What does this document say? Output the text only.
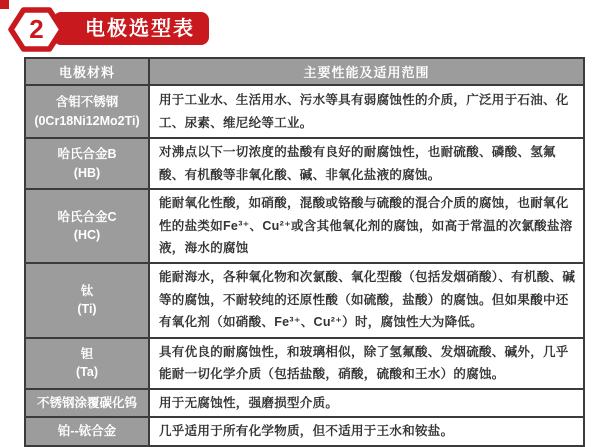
电极选型表
2
电极材料	主要性能及适用范围
含钼不锈钢
(0Cr18Ni12Mo2Ti)	用于工业水、生活用水、污水等具有弱腐蚀性的介质，广泛用于石油、化工、尿素、维尼纶等工业。
哈氏合金B
(HB)	对沸点以下一切浓度的盐酸有良好的耐腐蚀性，也耐硫酸、磷酸、氢氟酸、有机酸等非氧化酸、碱、非氧化盐液的腐蚀。
哈氏合金C
(HC)	能耐氧化性酸，如硝酸，混酸或铬酸与硫酸的混合介质的腐蚀，也耐氧化性的盐类如Fe³⁺、Cu²⁺或含其他氧化剂的腐蚀，如高于常温的次氯酸盐溶液，海水的腐蚀
钛
(Ti)	能耐海水，各种氧化物和次氯酸、氧化型酸（包括发烟硝酸）、有机酸、碱等的腐蚀，不耐较纯的还原性酸（如硫酸，盐酸）的腐蚀。但如果酸中还有氧化剂（如硝酸、Fe³⁺、Cu²⁺）时，腐蚀性大为降低。
钽
(Ta)	具有优良的耐腐蚀性，和玻璃相似，除了氢氟酸、发烟硫酸、碱外，几乎能耐一切化学介质（包括盐酸，硝酸，硫酸和王水）的腐蚀。
不锈钢涂覆碳化钨	用于无腐蚀性，强磨损型介质。
铂--铱合金	几乎适用于所有化学物质，但不适用于王水和铵盐。
